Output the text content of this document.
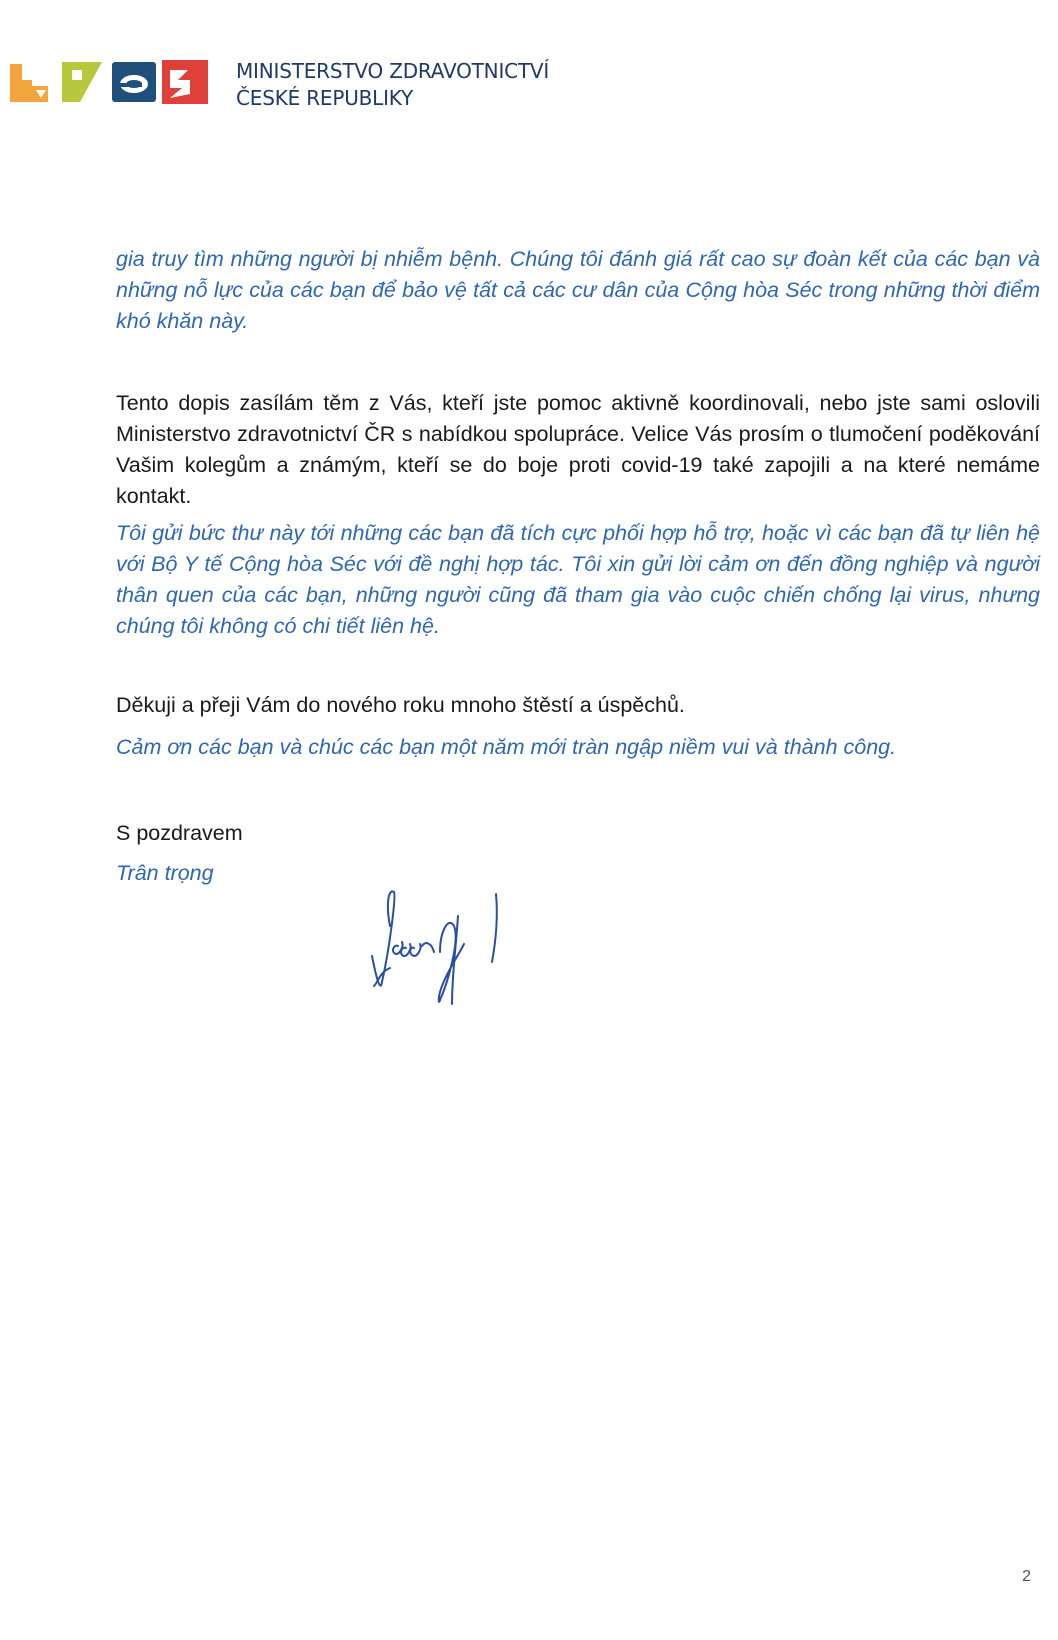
MINISTERSTVO ZDRAVOTNICTVÍ
ČESKÉ REPUBLIKY

gia truy tìm những người bị nhiễm bệnh. Chúng tôi đánh giá rất cao sự đoàn kết của các bạn và những nỗ lực của các bạn để bảo vệ tất cả các cư dân của Cộng hòa Séc trong những thời điểm khó khăn này.

Tento dopis zasílám těm z Vás, kteří jste pomoc aktivně koordinovali, nebo jste sami oslovili Ministerstvo zdravotnictví ČR s nabídkou spolupráce. Velice Vás prosím o tlumočení poděkování Vašim kolegům a známým, kteří se do boje proti covid-19 také zapojili a na které nemáme kontakt.

Tôi gửi bức thư này tới những các bạn đã tích cực phối hợp hỗ trợ, hoặc vì các bạn đã tự liên hệ với Bộ Y tế Cộng hòa Séc với đề nghị hợp tác. Tôi xin gửi lời cảm ơn đến đồng nghiệp và người thân quen của các bạn, những người cũng đã tham gia vào cuộc chiến chống lại virus, nhưng chúng tôi không có chi tiết liên hệ.

Děkuji a přeji Vám do nového roku mnoho štěstí a úspěchů.

Cảm ơn các bạn và chúc các bạn một năm mới tràn ngập niềm vui và thành công.

S pozdravem

Trân trọng

2
